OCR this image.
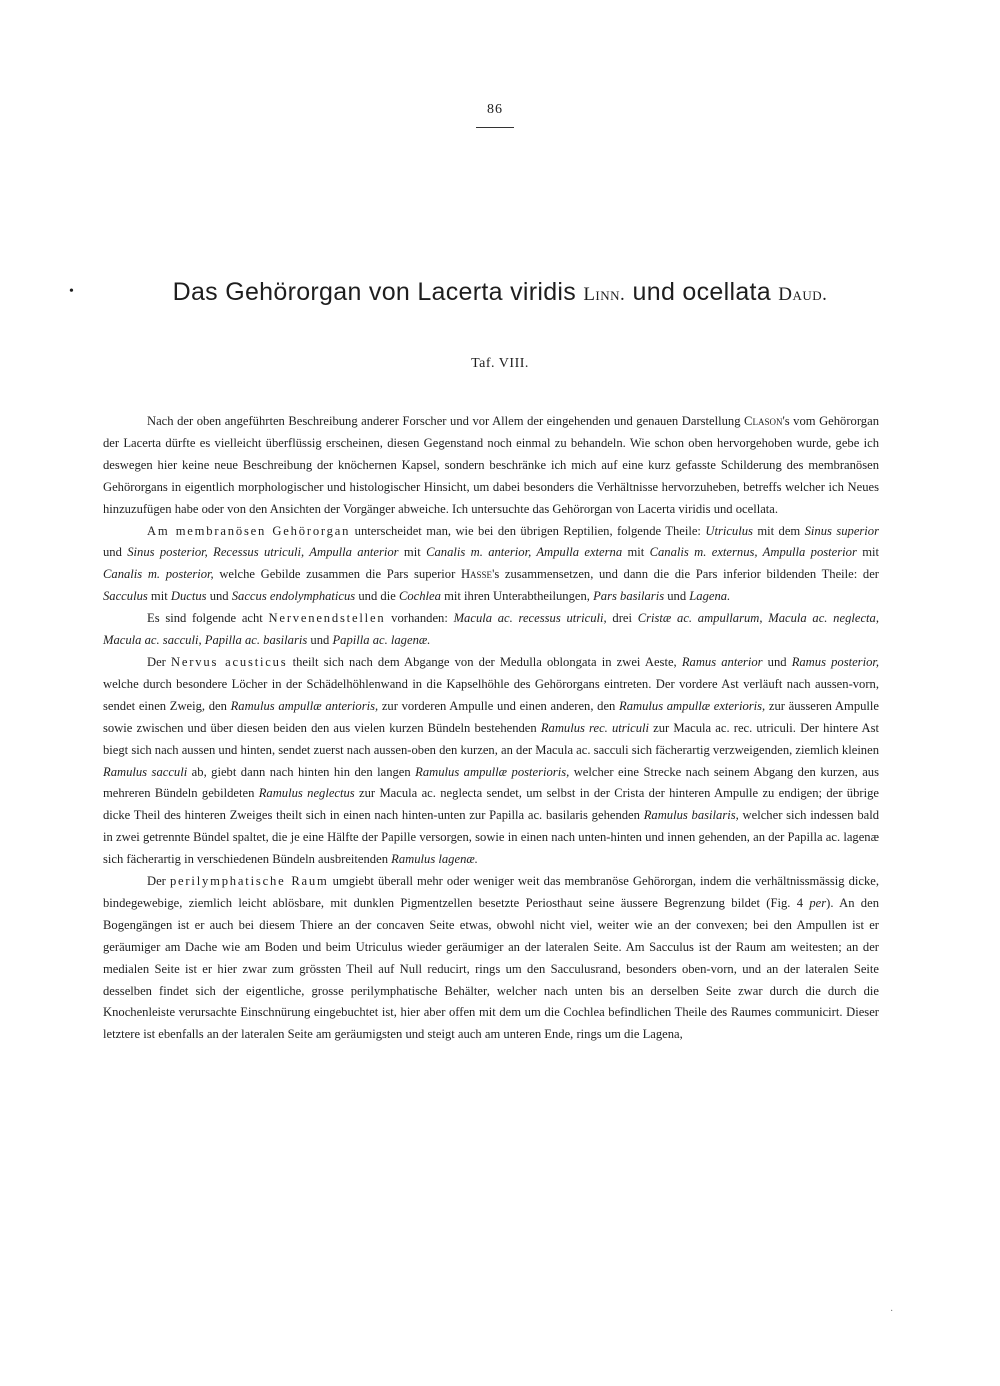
86
•
·
Das Gehörorgan von Lacerta viridis Linn. und ocellata Daud.
Taf. VIII.

Nach der oben angeführten Beschreibung anderer Forscher und vor Allem der eingehenden und genauen Darstellung Clason's vom Gehörorgan der Lacerta dürfte es vielleicht überflüssig erscheinen, diesen Gegenstand noch einmal zu behandeln. Wie schon oben hervorgehoben wurde, gebe ich deswegen hier keine neue Beschreibung der knöchernen Kapsel, sondern beschränke ich mich auf eine kurz gefasste Schilderung des membranösen Gehörorgans in eigentlich morphologischer und histologischer Hinsicht, um dabei besonders die Verhältnisse hervorzuheben, betreffs welcher ich Neues hinzuzufügen habe oder von den Ansichten der Vorgänger abweiche. Ich untersuchte das Gehörorgan von Lacerta viridis und ocellata.

Am membranösen Gehörorgan unterscheidet man, wie bei den übrigen Reptilien, folgende Theile: Utriculus mit dem Sinus superior und Sinus posterior, Recessus utriculi, Ampulla anterior mit Canalis m. anterior, Ampulla externa mit Canalis m. externus, Ampulla posterior mit Canalis m. posterior, welche Gebilde zusammen die Pars superior Hasse's zusammensetzen, und dann die die Pars inferior bildenden Theile: der Sacculus mit Ductus und Saccus endolymphaticus und die Cochlea mit ihren Unterabtheilungen, Pars basilaris und Lagena.

Es sind folgende acht Nervenendstellen vorhanden: Macula ac. recessus utriculi, drei Cristæ ac. ampullarum, Macula ac. neglecta, Macula ac. sacculi, Papilla ac. basilaris und Papilla ac. lagenæ.

Der Nervus acusticus theilt sich nach dem Abgange von der Medulla oblongata in zwei Aeste, Ramus anterior und Ramus posterior, welche durch besondere Löcher in der Schädelhöhlenwand in die Kapselhöhle des Gehörorgans eintreten. Der vordere Ast verläuft nach aussen-vorn, sendet einen Zweig, den Ramulus ampullæ anterioris, zur vorderen Ampulle und einen anderen, den Ramulus ampullæ exterioris, zur äusseren Ampulle sowie zwischen und über diesen beiden den aus vielen kurzen Bündeln bestehenden Ramulus rec. utriculi zur Macula ac. rec. utriculi. Der hintere Ast biegt sich nach aussen und hinten, sendet zuerst nach aussen-oben den kurzen, an der Macula ac. sacculi sich fächerartig verzweigenden, ziemlich kleinen Ramulus sacculi ab, giebt dann nach hinten hin den langen Ramulus ampullæ posterioris, welcher eine Strecke nach seinem Abgang den kurzen, aus mehreren Bündeln gebildeten Ramulus neglectus zur Macula ac. neglecta sendet, um selbst in der Crista der hinteren Ampulle zu endigen; der übrige dicke Theil des hinteren Zweiges theilt sich in einen nach hinten-unten zur Papilla ac. basilaris gehenden Ramulus basilaris, welcher sich indessen bald in zwei getrennte Bündel spaltet, die je eine Hälfte der Papille versorgen, sowie in einen nach unten-hinten und innen gehenden, an der Papilla ac. lagenæ sich fächerartig in verschiedenen Bündeln ausbreitenden Ramulus lagenæ.

Der perilymphatische Raum umgiebt überall mehr oder weniger weit das membranöse Gehörorgan, indem die verhältnissmässig dicke, bindegewebige, ziemlich leicht ablösbare, mit dunklen Pigmentzellen besetzte Periosthaut seine äussere Begrenzung bildet (Fig. 4 per). An den Bogengängen ist er auch bei diesem Thiere an der concaven Seite etwas, obwohl nicht viel, weiter wie an der convexen; bei den Ampullen ist er geräumiger am Dache wie am Boden und beim Utriculus wieder geräumiger an der lateralen Seite. Am Sacculus ist der Raum am weitesten; an der medialen Seite ist er hier zwar zum grössten Theil auf Null reducirt, rings um den Sacculusrand, besonders oben-vorn, und an der lateralen Seite desselben findet sich der eigentliche, grosse perilymphatische Behälter, welcher nach unten bis an derselben Seite zwar durch die durch die Knochenleiste verursachte Einschnürung eingebuchtet ist, hier aber offen mit dem um die Cochlea befindlichen Theile des Raumes communicirt. Dieser letztere ist ebenfalls an der lateralen Seite am geräumigsten und steigt auch am unteren Ende, rings um die Lagena,
